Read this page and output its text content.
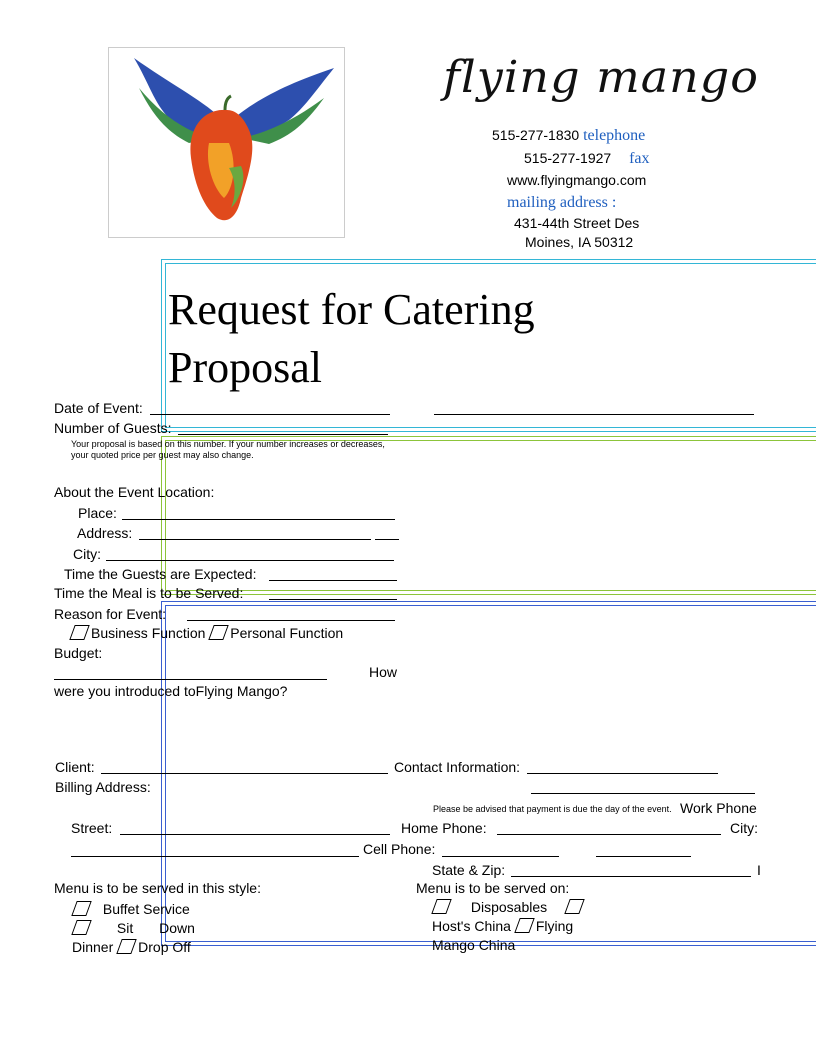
flying mango
515-277-1830 telephone
515-277-1927 fax
www.flyingmango.com
mailing address :
431-44th Street Des
Moines, IA 50312
Request for Catering
Proposal
Date of Event:
Number of Guests:
Your proposal is based on this number. If your number increases or decreases,
your quoted price per guest may also change.
About the Event Location:
Place:
Address:
City:
Time the Guests are Expected:
Time the Meal is to be Served:
Reason for Event:
Business Function Personal Function
Budget:
How
were you introduced toFlying Mango?
Client:	Contact Information:
Billing Address:
Please be advised that payment is due the day of the event. Work Phone
Street:	Home Phone:	City:
Cell Phone:
State & Zip:	I
Menu is to be served in this style:
Buffet Service
Sit Down
Dinner Drop Off
Menu is to be served on:
Disposables
Host's China Flying
Mango China
